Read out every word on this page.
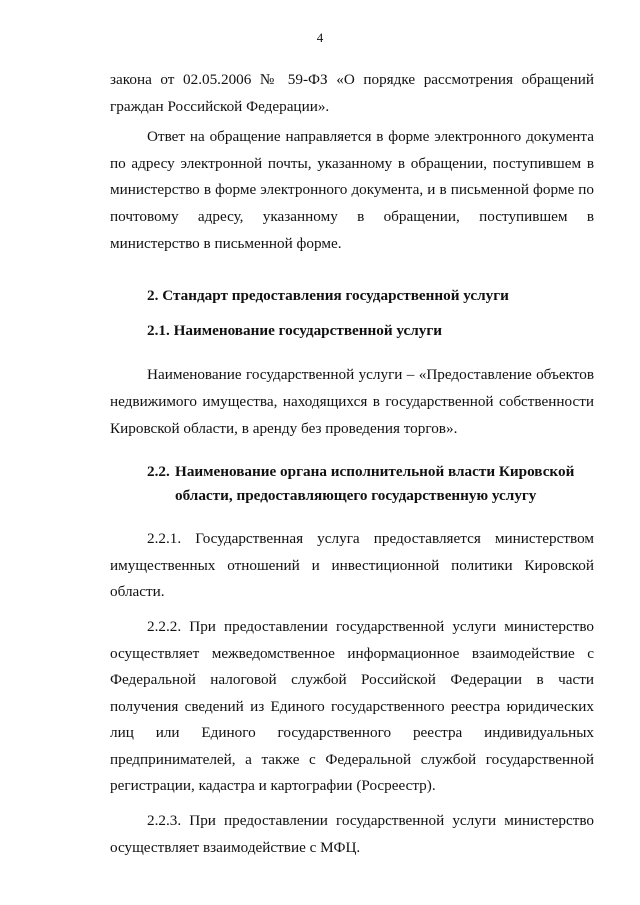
4

закона от 02.05.2006 № 59-ФЗ «О порядке рассмотрения обращений граждан Российской Федерации».

Ответ на обращение направляется в форме электронного документа по адресу электронной почты, указанному в обращении, поступившем в министерство в форме электронного документа, и в письменной форме по почтовому адресу, указанному в обращении, поступившем в министерство в письменной форме.

2. Стандарт предоставления государственной услуги

2.1. Наименование государственной услуги

Наименование государственной услуги – «Предоставление объектов недвижимого имущества, находящихся в государственной собственности Кировской области, в аренду без проведения торгов».

2.2. Наименование органа исполнительной власти Кировской
области, предоставляющего государственную услугу

2.2.1. Государственная услуга предоставляется министерством имущественных отношений и инвестиционной политики Кировской области.

2.2.2. При предоставлении государственной услуги министерство осуществляет межведомственное информационное взаимодействие с Федеральной налоговой службой Российской Федерации в части получения сведений из Единого государственного реестра юридических лиц или Единого государственного реестра индивидуальных предпринимателей, а также с Федеральной службой государственной регистрации, кадастра и картографии (Росреестр).

2.2.3. При предоставлении государственной услуги министерство осуществляет взаимодействие с МФЦ.
